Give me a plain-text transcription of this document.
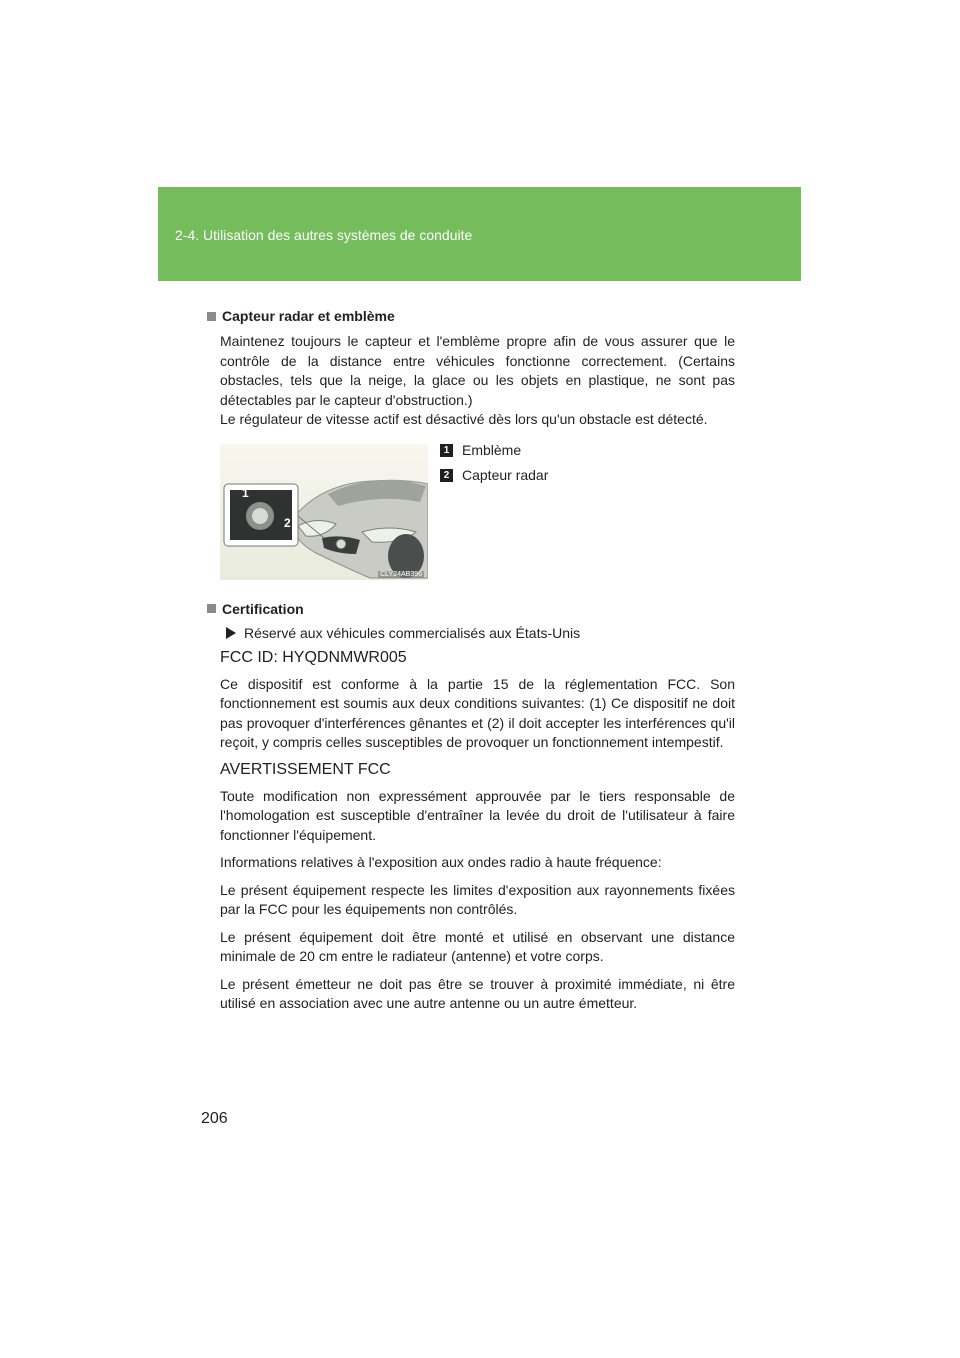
2-4. Utilisation des autres systèmes de conduite
Capteur radar et emblème

Maintenez toujours le capteur et l'emblème propre afin de vous assurer que le contrôle de la distance entre véhicules fonctionne correctement. (Certains obstacles, tels que la neige, la glace ou les objets en plastique, ne sont pas détectables par le capteur d'obstruction.)

Le régulateur de vitesse actif est désactivé dès lors qu'un obstacle est détecté.

1
2
CLY24AB396
1 Emblème
2 Capteur radar
Certification
Réservé aux véhicules commercialisés aux États-Unis
FCC ID: HYQDNMWR005

Ce dispositif est conforme à la partie 15 de la réglementation FCC. Son fonctionnement est soumis aux deux conditions suivantes: (1) Ce dispositif ne doit pas provoquer d'interférences gênantes et (2) il doit accepter les interférences qu'il reçoit, y compris celles susceptibles de provoquer un fonctionnement intempestif.

AVERTISSEMENT FCC

Toute modification non expressément approuvée par le tiers responsable de l'homologation est susceptible d'entraîner la levée du droit de l'utilisateur à faire fonctionner l'équipement.

Informations relatives à l'exposition aux ondes radio à haute fréquence:

Le présent équipement respecte les limites d'exposition aux rayonnements fixées par la FCC pour les équipements non contrôlés.

Le présent équipement doit être monté et utilisé en observant une distance minimale de 20 cm entre le radiateur (antenne) et votre corps.

Le présent émetteur ne doit pas être se trouver à proximité immédiate, ni être utilisé en association avec une autre antenne ou un autre émetteur.

206
